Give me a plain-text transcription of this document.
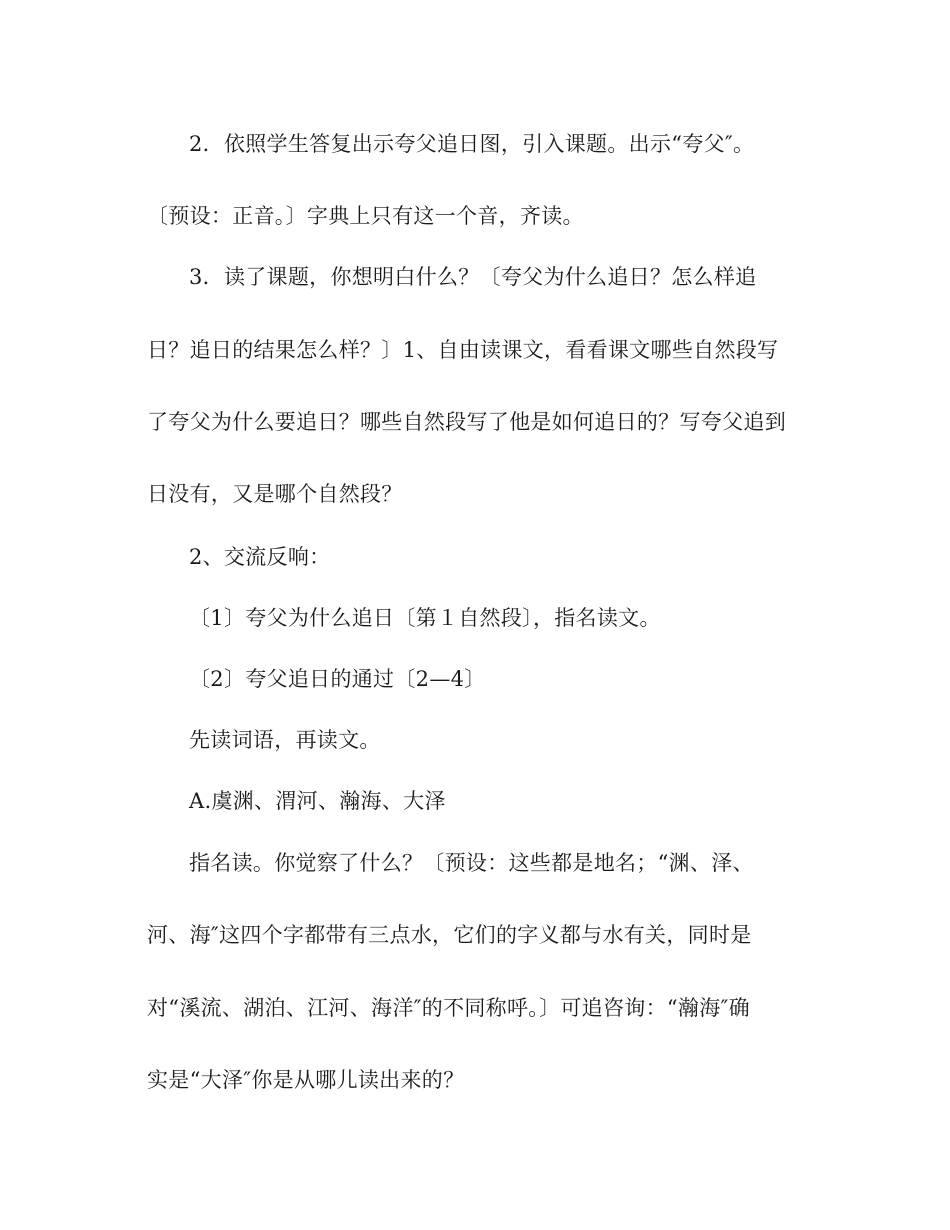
2．依照学生答复出示夸父追日图，引入课题。出示“夸父″。
〔预设：正音。〕字典上只有这一个音，齐读。
3．读了课题，你想明白什么？〔夸父为什么追日？怎么样追
日？追日的结果怎么样？〕1、自由读课文，看看课文哪些自然段写
了夸父为什么要追日？哪些自然段写了他是如何追日的？写夸父追到
日没有，又是哪个自然段？
2、交流反响：
〔1〕夸父为什么追日〔第１自然段〕，指名读文。
〔2〕夸父追日的通过〔2—4〕
先读词语，再读文。
A.虞渊、渭河、瀚海、大泽
指名读。你觉察了什么？〔预设：这些都是地名；“渊、泽、
河、海″这四个字都带有三点水，它们的字义都与水有关，同时是
对“溪流、湖泊、江河、海洋″的不同称呼。〕可追咨询：“瀚海″确
实是“大泽″你是从哪儿读出来的？
